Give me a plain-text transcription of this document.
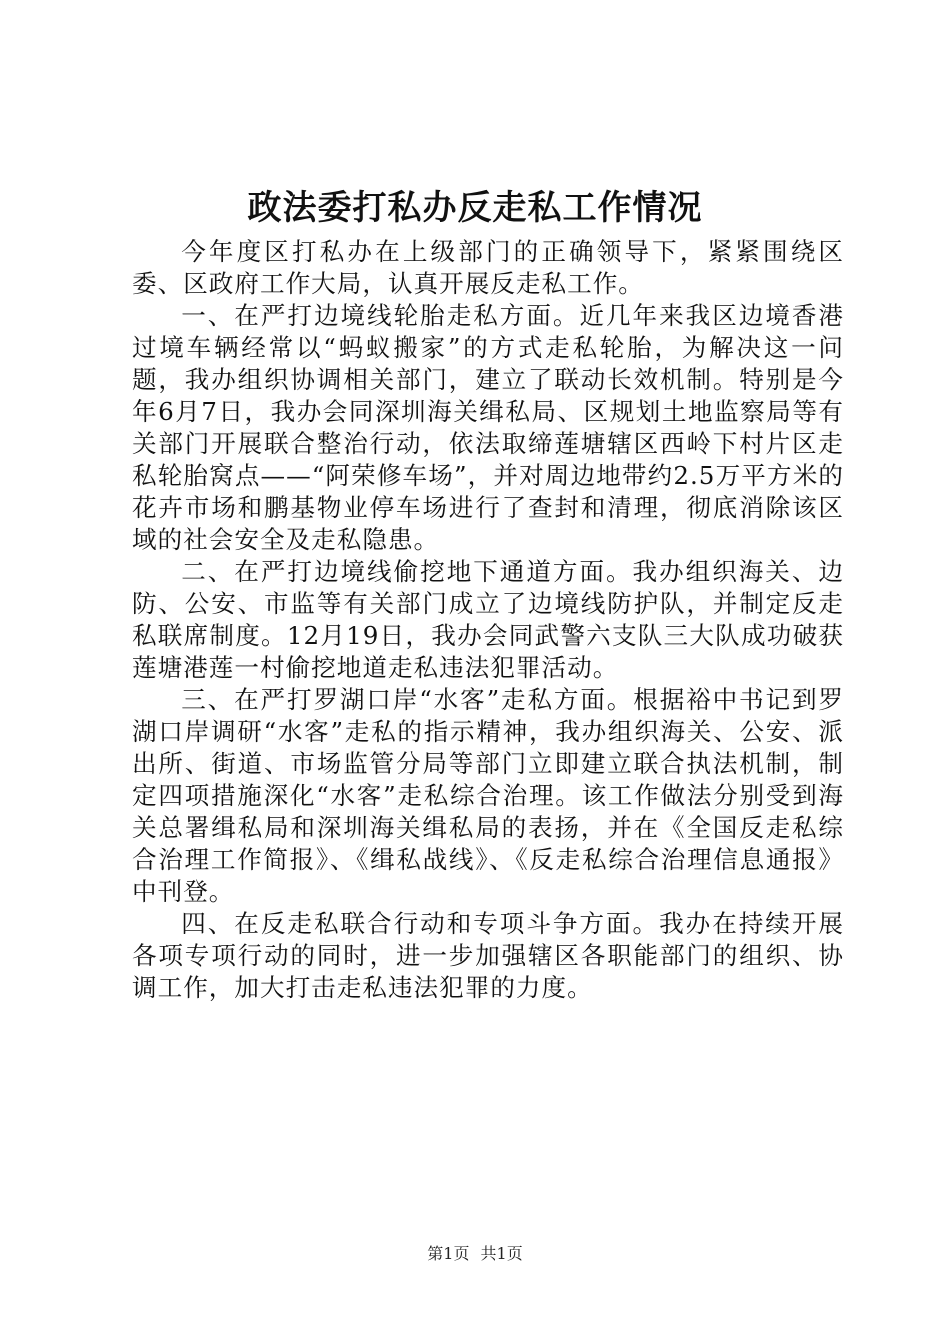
政法委打私办反走私工作情况

今年度区打私办在上级部门的正确领导下，紧紧围绕区委、区政府工作大局，认真开展反走私工作。

一、在严打边境线轮胎走私方面。近几年来我区边境香港过境车辆经常以“蚂蚁搬家”的方式走私轮胎，为解决这一问题，我办组织协调相关部门，建立了联动长效机制。特别是今年6月7日，我办会同深圳海关缉私局、区规划土地监察局等有关部门开展联合整治行动，依法取缔莲塘辖区西岭下村片区走私轮胎窝点——“阿荣修车场”，并对周边地带约2.5万平方米的花卉市场和鹏基物业停车场进行了查封和清理，彻底消除该区域的社会安全及走私隐患。

二、在严打边境线偷挖地下通道方面。我办组织海关、边防、公安、市监等有关部门成立了边境线防护队，并制定反走私联席制度。12月19日，我办会同武警六支队三大队成功破获莲塘港莲一村偷挖地道走私违法犯罪活动。

三、在严打罗湖口岸“水客”走私方面。根据裕中书记到罗湖口岸调研“水客”走私的指示精神，我办组织海关、公安、派出所、街道、市场监管分局等部门立即建立联合执法机制，制定四项措施深化“水客”走私综合治理。该工作做法分别受到海关总署缉私局和深圳海关缉私局的表扬，并在《全国反走私综合治理工作简报》、《缉私战线》、《反走私综合治理信息通报》中刊登。

四、在反走私联合行动和专项斗争方面。我办在持续开展各项专项行动的同时，进一步加强辖区各职能部门的组织、协调工作，加大打击走私违法犯罪的力度。

第1页 共1页
